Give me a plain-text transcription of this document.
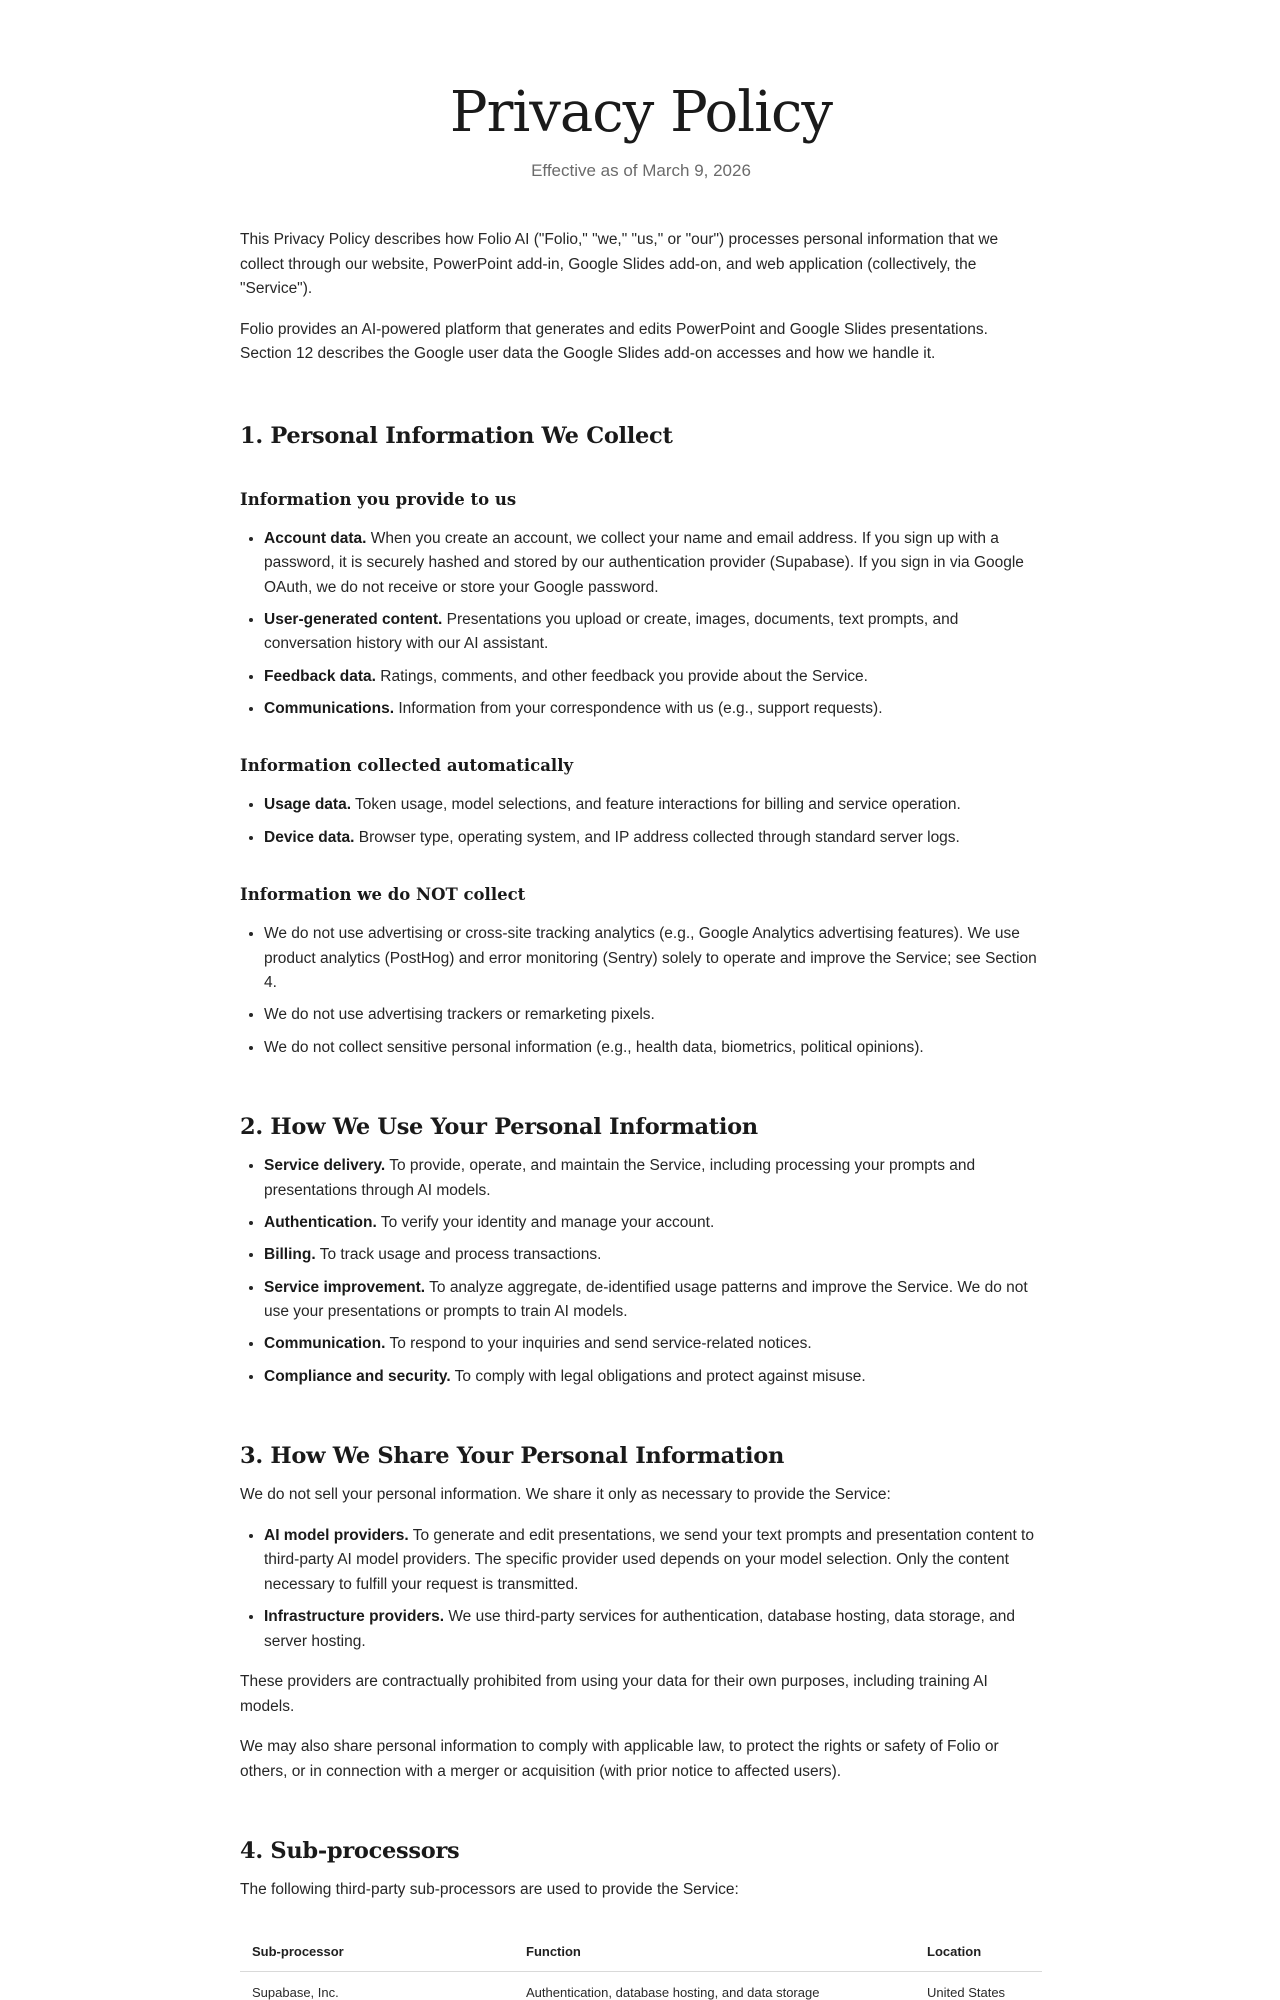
Privacy Policy
Effective as of March 9, 2026

This Privacy Policy describes how Folio AI ("Folio," "we," "us," or "our") processes personal information that we collect through our website, PowerPoint add-in, Google Slides add-on, and web application (collectively, the "Service").

Folio provides an AI-powered platform that generates and edits PowerPoint and Google Slides presentations. Section 12 describes the Google user data the Google Slides add-on accesses and how we handle it.

1. Personal Information We Collect
Information you provide to us
• Account data. When you create an account, we collect your name and email address. If you sign up with a password, it is securely hashed and stored by our authentication provider (Supabase). If you sign in via Google OAuth, we do not receive or store your Google password.
• User-generated content. Presentations you upload or create, images, documents, text prompts, and conversation history with our AI assistant.
• Feedback data. Ratings, comments, and other feedback you provide about the Service.
• Communications. Information from your correspondence with us (e.g., support requests).
Information collected automatically
• Usage data. Token usage, model selections, and feature interactions for billing and service operation.
• Device data. Browser type, operating system, and IP address collected through standard server logs.
Information we do NOT collect
• We do not use advertising or cross-site tracking analytics (e.g., Google Analytics advertising features). We use product analytics (PostHog) and error monitoring (Sentry) solely to operate and improve the Service; see Section 4.
• We do not use advertising trackers or remarketing pixels.
• We do not collect sensitive personal information (e.g., health data, biometrics, political opinions).
2. How We Use Your Personal Information
• Service delivery. To provide, operate, and maintain the Service, including processing your prompts and presentations through AI models.
• Authentication. To verify your identity and manage your account.
• Billing. To track usage and process transactions.
• Service improvement. To analyze aggregate, de-identified usage patterns and improve the Service. We do not use your presentations or prompts to train AI models.
• Communication. To respond to your inquiries and send service-related notices.
• Compliance and security. To comply with legal obligations and protect against misuse.
3. How We Share Your Personal Information

We do not sell your personal information. We share it only as necessary to provide the Service:

• AI model providers. To generate and edit presentations, we send your text prompts and presentation content to third-party AI model providers. The specific provider used depends on your model selection. Only the content necessary to fulfill your request is transmitted.
• Infrastructure providers. We use third-party services for authentication, database hosting, data storage, and server hosting.

These providers are contractually prohibited from using your data for their own purposes, including training AI models.

We may also share personal information to comply with applicable law, to protect the rights or safety of Folio or others, or in connection with a merger or acquisition (with prior notice to affected users).

4. Sub-processors

The following third-party sub-processors are used to provide the Service:

Sub-processor	Function	Location
Supabase, Inc.	Authentication, database hosting, and data storage	United States
